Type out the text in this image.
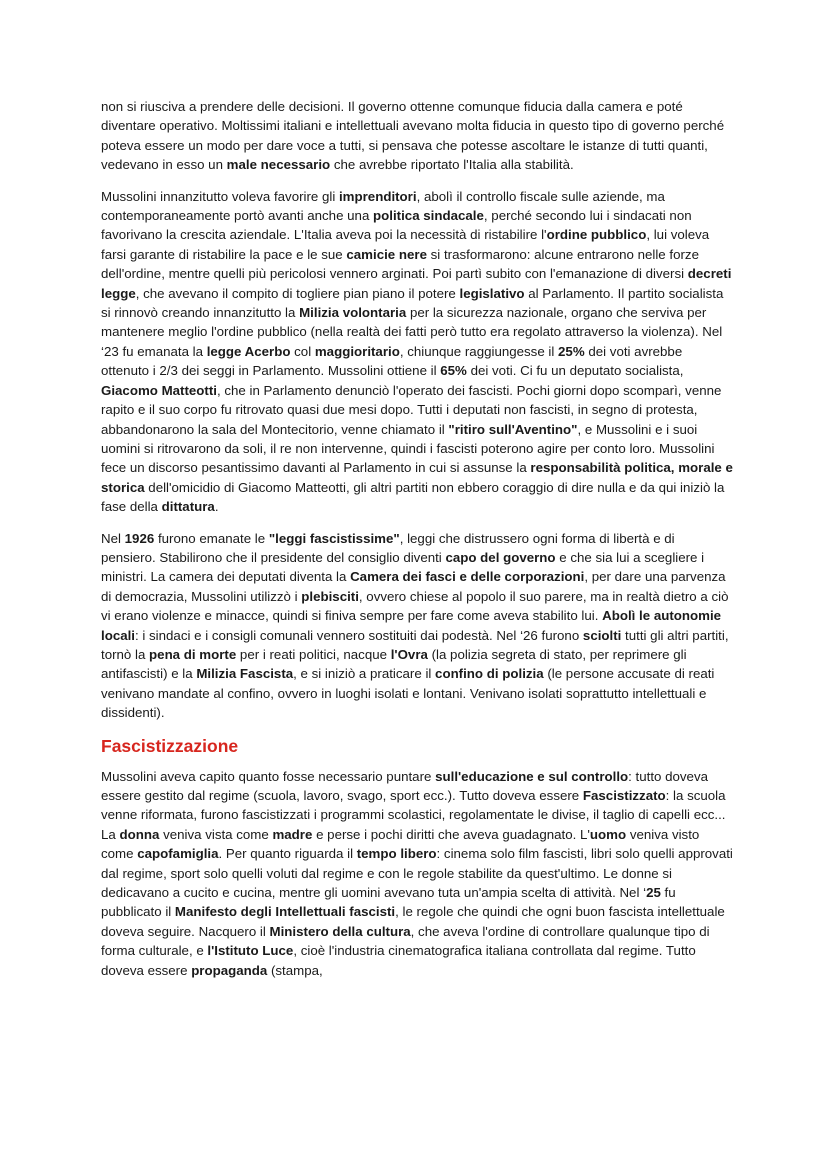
non si riusciva a prendere delle decisioni. Il governo ottenne comunque fiducia dalla camera e poté diventare operativo. Moltissimi italiani e intellettuali avevano molta fiducia in questo tipo di governo perché poteva essere un modo per dare voce a tutti, si pensava che potesse ascoltare le istanze di tutti quanti, vedevano in esso un male necessario che avrebbe riportato l'Italia alla stabilità.

Mussolini innanzitutto voleva favorire gli imprenditori, abolì il controllo fiscale sulle aziende, ma contemporaneamente portò avanti anche una politica sindacale, perché secondo lui i sindacati non favorivano la crescita aziendale. L'Italia aveva poi la necessità di ristabilire l'ordine pubblico, lui voleva farsi garante di ristabilire la pace e le sue camicie nere si trasformarono: alcune entrarono nelle forze dell'ordine, mentre quelli più pericolosi vennero arginati. Poi partì subito con l'emanazione di diversi decreti legge, che avevano il compito di togliere pian piano il potere legislativo al Parlamento. Il partito socialista si rinnovò creando innanzitutto la Milizia volontaria per la sicurezza nazionale, organo che serviva per mantenere meglio l'ordine pubblico (nella realtà dei fatti però tutto era regolato attraverso la violenza). Nel ‘23 fu emanata la legge Acerbo col maggioritario, chiunque raggiungesse il 25% dei voti avrebbe ottenuto i 2/3 dei seggi in Parlamento. Mussolini ottiene il 65% dei voti. Ci fu un deputato socialista, Giacomo Matteotti, che in Parlamento denunciò l'operato dei fascisti. Pochi giorni dopo scomparì, venne rapito e il suo corpo fu ritrovato quasi due mesi dopo. Tutti i deputati non fascisti, in segno di protesta, abbandonarono la sala del Montecitorio, venne chiamato il "ritiro sull'Aventino", e Mussolini e i suoi uomini si ritrovarono da soli, il re non intervenne, quindi i fascisti poterono agire per conto loro. Mussolini fece un discorso pesantissimo davanti al Parlamento in cui si assunse la responsabilità politica, morale e storica dell'omicidio di Giacomo Matteotti, gli altri partiti non ebbero coraggio di dire nulla e da qui iniziò la fase della dittatura.

Nel 1926 furono emanate le "leggi fascistissime", leggi che distrussero ogni forma di libertà e di pensiero. Stabilirono che il presidente del consiglio diventi capo del governo e che sia lui a scegliere i ministri. La camera dei deputati diventa la Camera dei fasci e delle corporazioni, per dare una parvenza di democrazia, Mussolini utilizzò i plebisciti, ovvero chiese al popolo il suo parere, ma in realtà dietro a ciò vi erano violenze e minacce, quindi si finiva sempre per fare come aveva stabilito lui. Abolì le autonomie locali: i sindaci e i consigli comunali vennero sostituiti dai podestà. Nel ‘26 furono sciolti tutti gli altri partiti, tornò la pena di morte per i reati politici, nacque l'Ovra (la polizia segreta di stato, per reprimere gli antifascisti) e la Milizia Fascista, e si iniziò a praticare il confino di polizia (le persone accusate di reati venivano mandate al confino, ovvero in luoghi isolati e lontani. Venivano isolati soprattutto intellettuali e dissidenti).

Fascistizzazione

Mussolini aveva capito quanto fosse necessario puntare sull'educazione e sul controllo: tutto doveva essere gestito dal regime (scuola, lavoro, svago, sport ecc.). Tutto doveva essere Fascistizzato: la scuola venne riformata, furono fascistizzati i programmi scolastici, regolamentate le divise, il taglio di capelli ecc... La donna veniva vista come madre e perse i pochi diritti che aveva guadagnato. L'uomo veniva visto come capofamiglia. Per quanto riguarda il tempo libero: cinema solo film fascisti, libri solo quelli approvati dal regime, sport solo quelli voluti dal regime e con le regole stabilite da quest'ultimo. Le donne si dedicavano a cucito e cucina, mentre gli uomini avevano tuta un'ampia scelta di attività. Nel ‘25 fu pubblicato il Manifesto degli Intellettuali fascisti, le regole che quindi che ogni buon fascista intellettuale doveva seguire. Nacquero il Ministero della cultura, che aveva l'ordine di controllare qualunque tipo di forma culturale, e l'Istituto Luce, cioè l'industria cinematografica italiana controllata dal regime. Tutto doveva essere propaganda (stampa,
